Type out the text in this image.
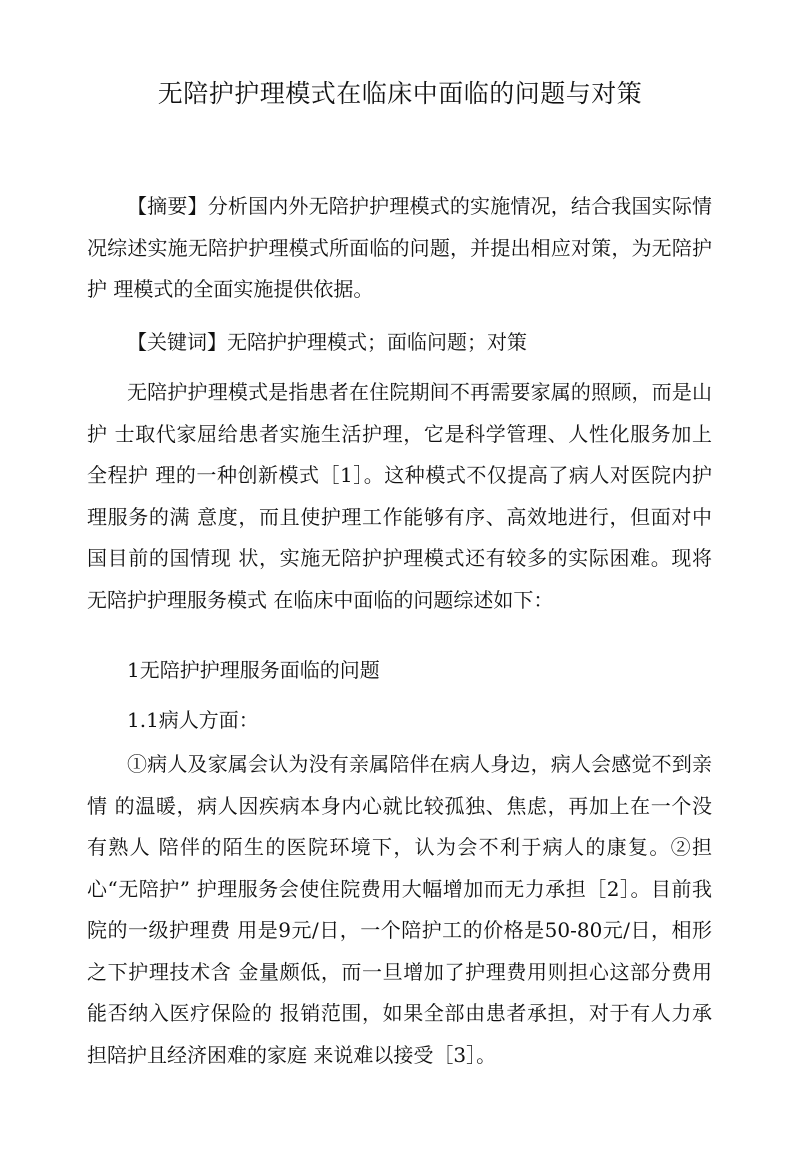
无陪护护理模式在临床中面临的问题与对策

【摘要】分析国内外无陪护护理模式的实施情况，结合我国实际情 况综述实施无陪护护理模式所面临的问题，并提出相应对策，为无陪护护 理模式的全面实施提供依据。

【关键词】无陪护护理模式；面临问题；对策

无陪护护理模式是指患者在住院期间不再需要家属的照顾，而是山护 士取代家屈给患者实施生活护理，它是科学管理、人性化服务加上全程护 理的一种创新模式［1］。这种模式不仅提高了病人对医院内护理服务的满 意度，而且使护理工作能够有序、高效地进行，但面对中国目前的国情现 状，实施无陪护护理模式还有较多的实际困难。现将无陪护护理服务模式 在临床中面临的问题综述如下：

1无陪护护理服务面临的问题

1.1病人方面：

①病人及家属会认为没有亲属陪伴在病人身边，病人会感觉不到亲情 的温暖，病人因疾病本身内心就比较孤独、焦虑，再加上在一个没有熟人 陪伴的陌生的医院环境下，认为会不利于病人的康复。②担心“无陪护” 护理服务会使住院费用大幅增加而无力承担［2］。目前我院的一级护理费 用是9元/日，一个陪护工的价格是50-80元/日，相形之下护理技术含 金量颇低，而一旦增加了护理费用则担心这部分费用能否纳入医疗保险的 报销范围，如果全部由患者承担，对于有人力承担陪护且经济困难的家庭 来说难以接受［3］。
